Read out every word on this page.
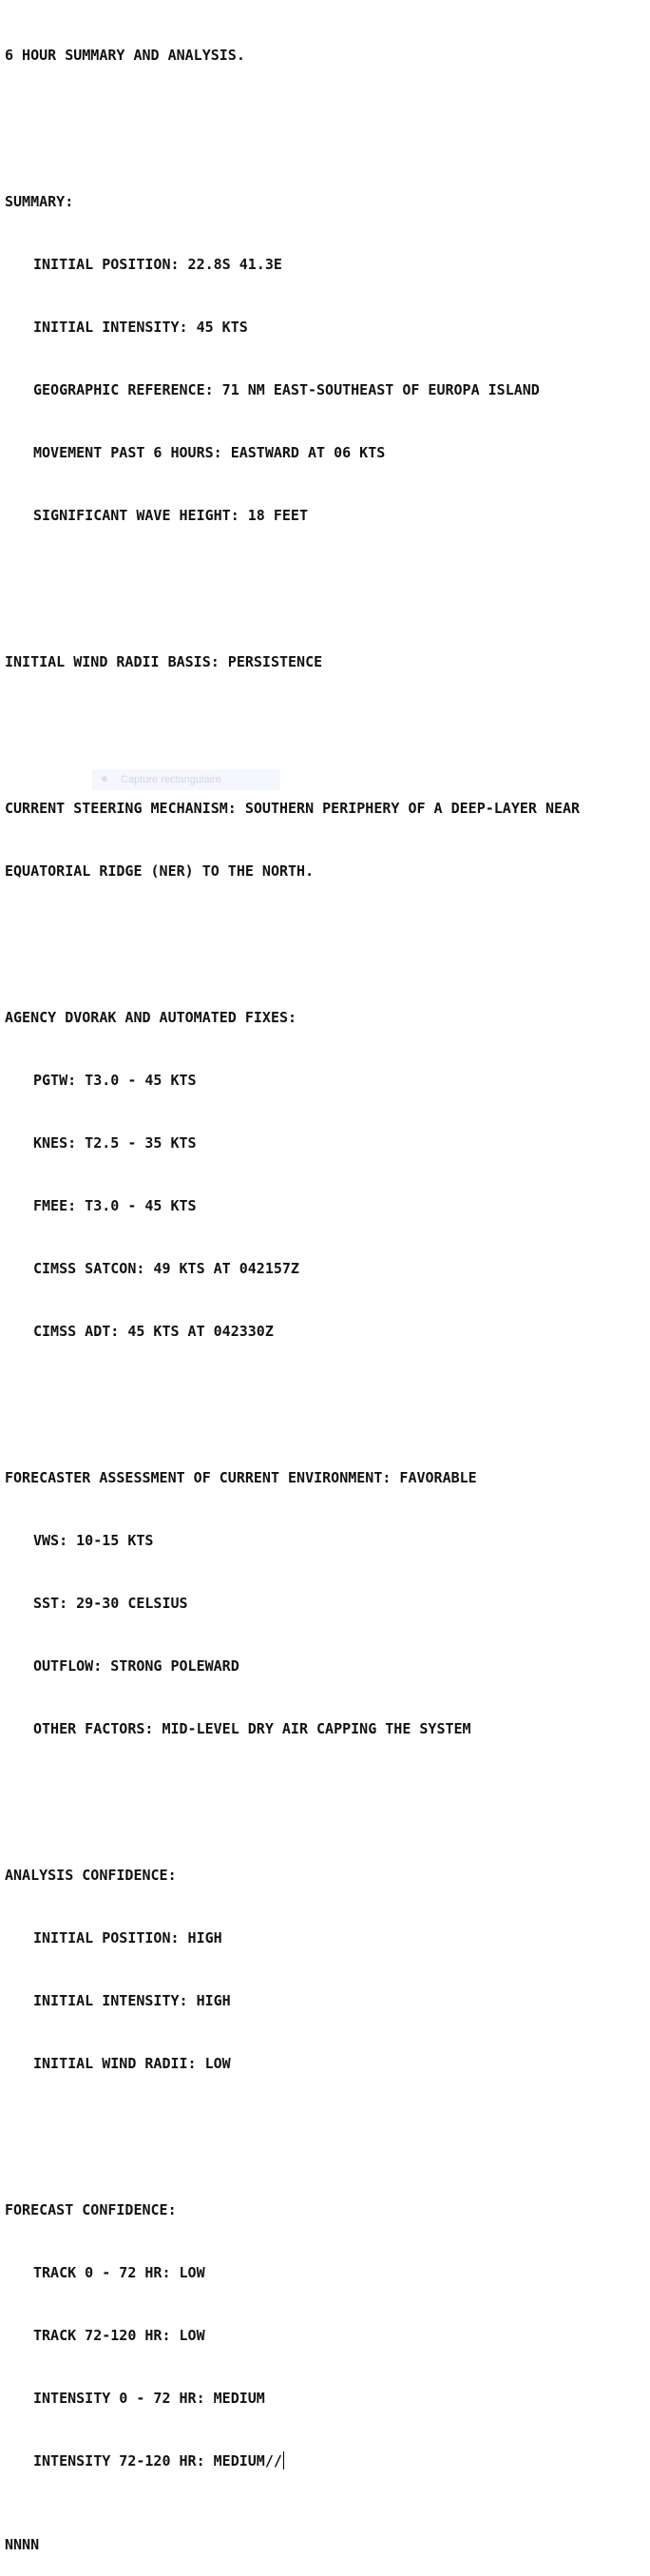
6 HOUR SUMMARY AND ANALYSIS.

SUMMARY:

INITIAL POSITION: 22.8S 41.3E

INITIAL INTENSITY: 45 KTS

GEOGRAPHIC REFERENCE: 71 NM EAST-SOUTHEAST OF EUROPA ISLAND

MOVEMENT PAST 6 HOURS: EASTWARD AT 06 KTS

SIGNIFICANT WAVE HEIGHT: 18 FEET

INITIAL WIND RADII BASIS: PERSISTENCE

CURRENT STEERING MECHANISM: SOUTHERN PERIPHERY OF A DEEP-LAYER NEAR

EQUATORIAL RIDGE (NER) TO THE NORTH.

AGENCY DVORAK AND AUTOMATED FIXES:

PGTW: T3.0 - 45 KTS

KNES: T2.5 - 35 KTS

FMEE: T3.0 - 45 KTS

CIMSS SATCON: 49 KTS AT 042157Z

CIMSS ADT: 45 KTS AT 042330Z

FORECASTER ASSESSMENT OF CURRENT ENVIRONMENT: FAVORABLE

VWS: 10-15 KTS

SST: 29-30 CELSIUS

OUTFLOW: STRONG POLEWARD

OTHER FACTORS: MID-LEVEL DRY AIR CAPPING THE SYSTEM

ANALYSIS CONFIDENCE:

INITIAL POSITION: HIGH

INITIAL INTENSITY: HIGH

INITIAL WIND RADII: LOW

FORECAST CONFIDENCE:

TRACK 0 - 72 HR: LOW

TRACK 72-120 HR: LOW

INTENSITY 0 - 72 HR: MEDIUM

INTENSITY 72-120 HR: MEDIUM//

NNNN

Capture rectangulaire
